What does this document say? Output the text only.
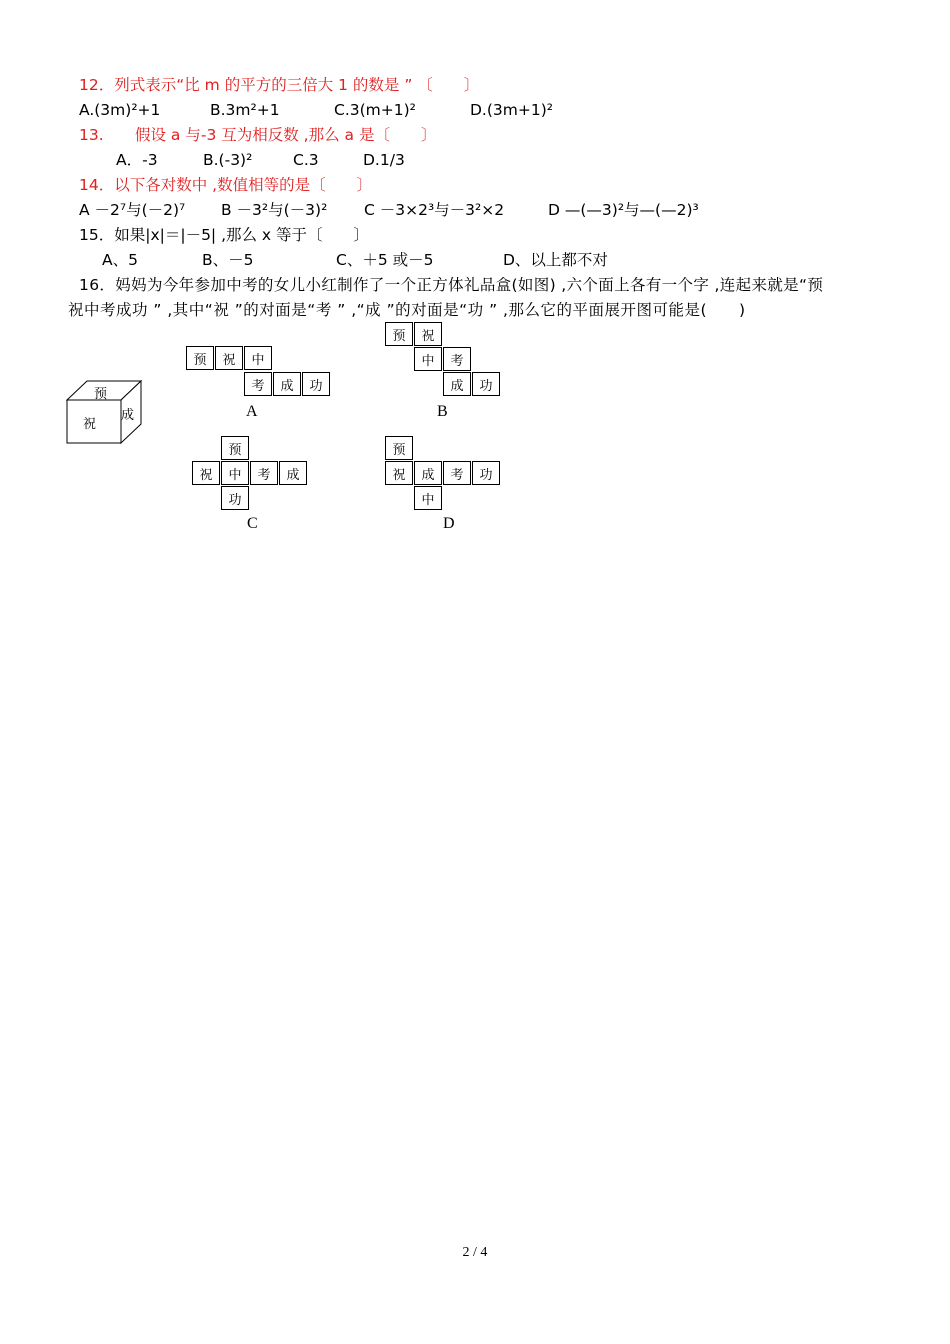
12．列式表示“比 m 的平方的三倍大 1 的数是 ” 〔　　〕
A.(3m)²+1	B.3m²+1	C.3(m+1)²	D.(3m+1)²
13. 假设 a 与-3 互为相反数 ,那么 a 是〔　　〕
A．-3	B.(-3)²	C.3	D.1/3
14．以下各对数中 ,数值相等的是〔　　〕
A －2⁷与(－2)⁷ B －3²与(－3)² C －3×2³与－3²×2	D —(—3)²与—(—2)³
15．如果|x|＝|－5| ,那么 x 等于〔　　〕
A、5	B、－5	C、＋5 或－5	D、以上都不对
16．妈妈为今年参加中考的女儿小红制作了一个正方体礼品盒(如图) ,六个面上各有一个字 ,连起来就是“预
祝中考成功 ” ,其中“祝 ”的对面是“考 ” ,“成 ”的对面是“功 ” ,那么它的平面展开图可能是(　　)
预
祝
成
预	祝	中
考	成	功
A
预	祝
中	考
成	功
B
预
祝	中	考	成
功
C
预
祝	成	考	功
中
D
2 / 4
